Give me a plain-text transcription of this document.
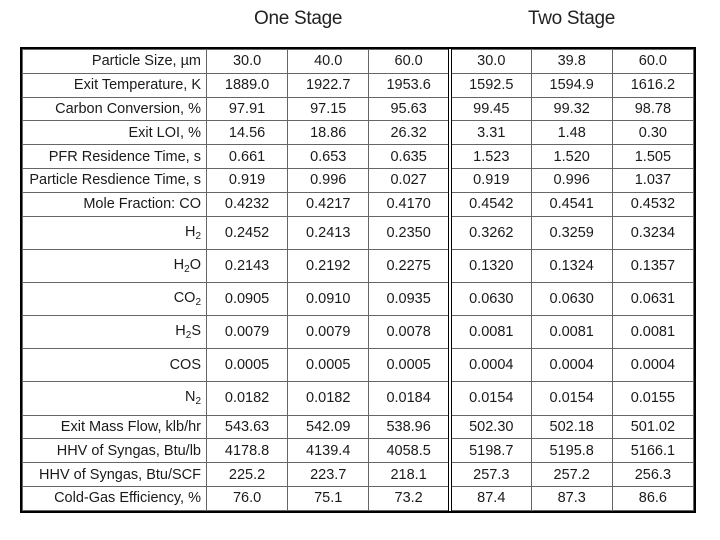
One Stage	Two Stage
Particle Size, µm	30.0	40.0	60.0	30.0	39.8	60.0
Exit Temperature, K	1889.0	1922.7	1953.6	1592.5	1594.9	1616.2
Carbon Conversion, %	97.91	97.15	95.63	99.45	99.32	98.78
Exit LOI, %	14.56	18.86	26.32	3.31	1.48	0.30
PFR Residence Time, s	0.661	0.653	0.635	1.523	1.520	1.505
Particle Resdience Time, s	0.919	0.996	0.027	0.919	0.996	1.037
Mole Fraction: CO	0.4232	0.4217	0.4170	0.4542	0.4541	0.4532
$H_2$	0.2452	0.2413	0.2350	0.3262	0.3259	0.3234
$H_2O$	0.2143	0.2192	0.2275	0.1320	0.1324	0.1357
$CO_2$	0.0905	0.0910	0.0935	0.0630	0.0630	0.0631
$H_2S$	0.0079	0.0079	0.0078	0.0081	0.0081	0.0081
COS	0.0005	0.0005	0.0005	0.0004	0.0004	0.0004
$N_2$	0.0182	0.0182	0.0184	0.0154	0.0154	0.0155
Exit Mass Flow, klb/hr	543.63	542.09	538.96	502.30	502.18	501.02
HHV of Syngas, Btu/lb	4178.8	4139.4	4058.5	5198.7	5195.8	5166.1
HHV of Syngas, Btu/SCF	225.2	223.7	218.1	257.3	257.2	256.3
Cold-Gas Efficiency, %	76.0	75.1	73.2	87.4	87.3	86.6
